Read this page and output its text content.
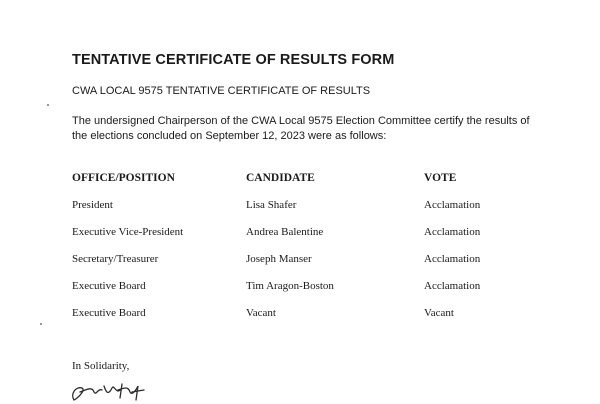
TENTATIVE CERTIFICATE OF RESULTS FORM
CWA LOCAL 9575 TENTATIVE CERTIFICATE OF RESULTS
The undersigned Chairperson of the CWA Local 9575 Election Committee certify the results of the elections concluded on September 12, 2023 were as follows:
OFFICE/POSITION	CANDIDATE	VOTE
President	Lisa Shafer	Acclamation
Executive Vice-President	Andrea Balentine	Acclamation
Secretary/Treasurer	Joseph Manser	Acclamation
Executive Board	Tim Aragon-Boston	Acclamation
Executive Board	Vacant	Vacant
In Solidarity,
